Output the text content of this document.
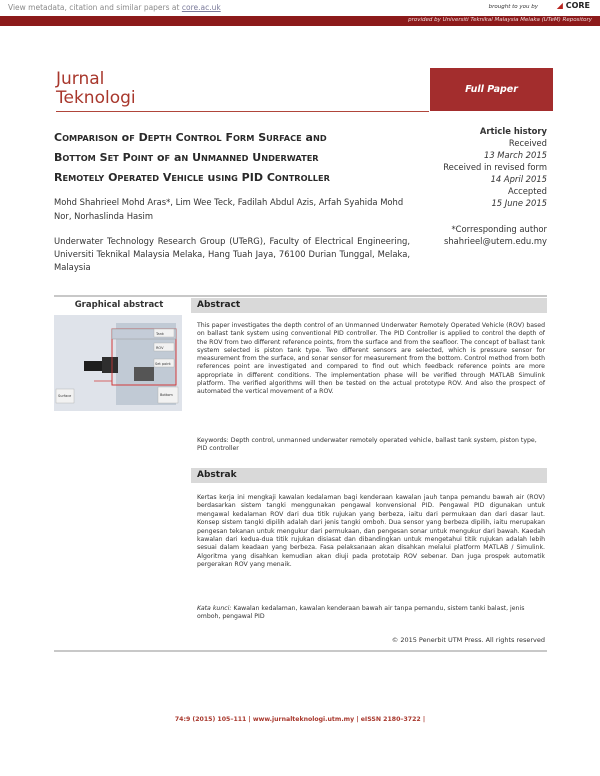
View metadata, citation and similar papers at core.ac.uk	brought to you by ◢ CORE
provided by Universiti Teknikal Malaysia Melaka (UTeM) Repository
Jurnal
Teknologi	Full Paper
COMPARISON oF DEPTH CONTROL FORM SURFACE aND
BOTTOM SET POINT oF aN UNMANNED UNDERWATER
REMOTELY OPERATED VEHICLE uSING PID CONTROLLER
Mohd Shahrieel Mohd Aras*, Lim Wee Teck, Fadilah Abdul Azis, Arfah Syahida Mohd Nor, Norhaslinda Hasim
Underwater Technology Research Group (UTeRG), Faculty of Electrical Engineering, Universiti Teknikal Malaysia Melaka, Hang Tuah Jaya, 76100 Durian Tunggal, Melaka, Malaysia
Article history
Received
13 March 2015
Received in revised form
14 April 2015
Accepted
15 June 2015
*Corresponding author
shahrieel@utem.edu.my
Graphical abstract
Surface	Bottom
Tank
ROV
Set point
Abstract
This paper investigates the depth control of an Unmanned Underwater Remotely Operated Vehicle (ROV) based on ballast tank system using conventional PID controller. The PID Controller is applied to control the depth of the ROV from two different reference points, from the surface and from the seafloor. The concept of ballast tank system selected is piston tank type. Two different sensors are selected, which is pressure sensor for measurement from the surface, and sonar sensor for measurement from the bottom. Control method from both references point are investigated and compared to find out which feedback reference points are more appropriate in different conditions. The implementation phase will be verified through MATLAB Simulink platform. The verified algorithms will then be tested on the actual prototype ROV. And also the prospect of automated the vertical movement of a ROV.
Keywords: Depth control, unmanned underwater remotely operated vehicle, ballast tank system, piston type, PID controller
Abstrak
Kertas kerja ini mengkaji kawalan kedalaman bagi kenderaan kawalan jauh tanpa pemandu bawah air (ROV) berdasarkan sistem tangki menggunakan pengawal konvensional PID. Pengawal PID digunakan untuk mengawal kedalaman ROV dari dua titik rujukan yang berbeza, iaitu dari permukaan dan dari dasar laut. Konsep sistem tangki dipilih adalah dari jenis tangki omboh. Dua sensor yang berbeza dipilih, iaitu merupakan pengesan tekanan untuk mengukur dari permukaan, dan pengesan sonar untuk mengukur dari bawah. Kaedah kawalan dari kedua-dua titik rujukan disiasat dan dibandingkan untuk mengetahui titik rujukan adalah lebih sesuai dalam keadaan yang berbeza. Fasa pelaksanaan akan disahkan melalui platform MATLAB / Simulink. Algoritma yang disahkan kemudian akan diuji pada prototaip ROV sebenar. Dan juga prospek automatik pergerakan ROV yang menaik.
Kata kunci: Kawalan kedalaman, kawalan kenderaan bawah air tanpa pemandu, sistem tanki balast, jenis omboh, pengawal PID
© 2015 Penerbit UTM Press. All rights reserved
74:9 (2015) 105–111 | www.jurnalteknologi.utm.my | eISSN 2180–3722 |
